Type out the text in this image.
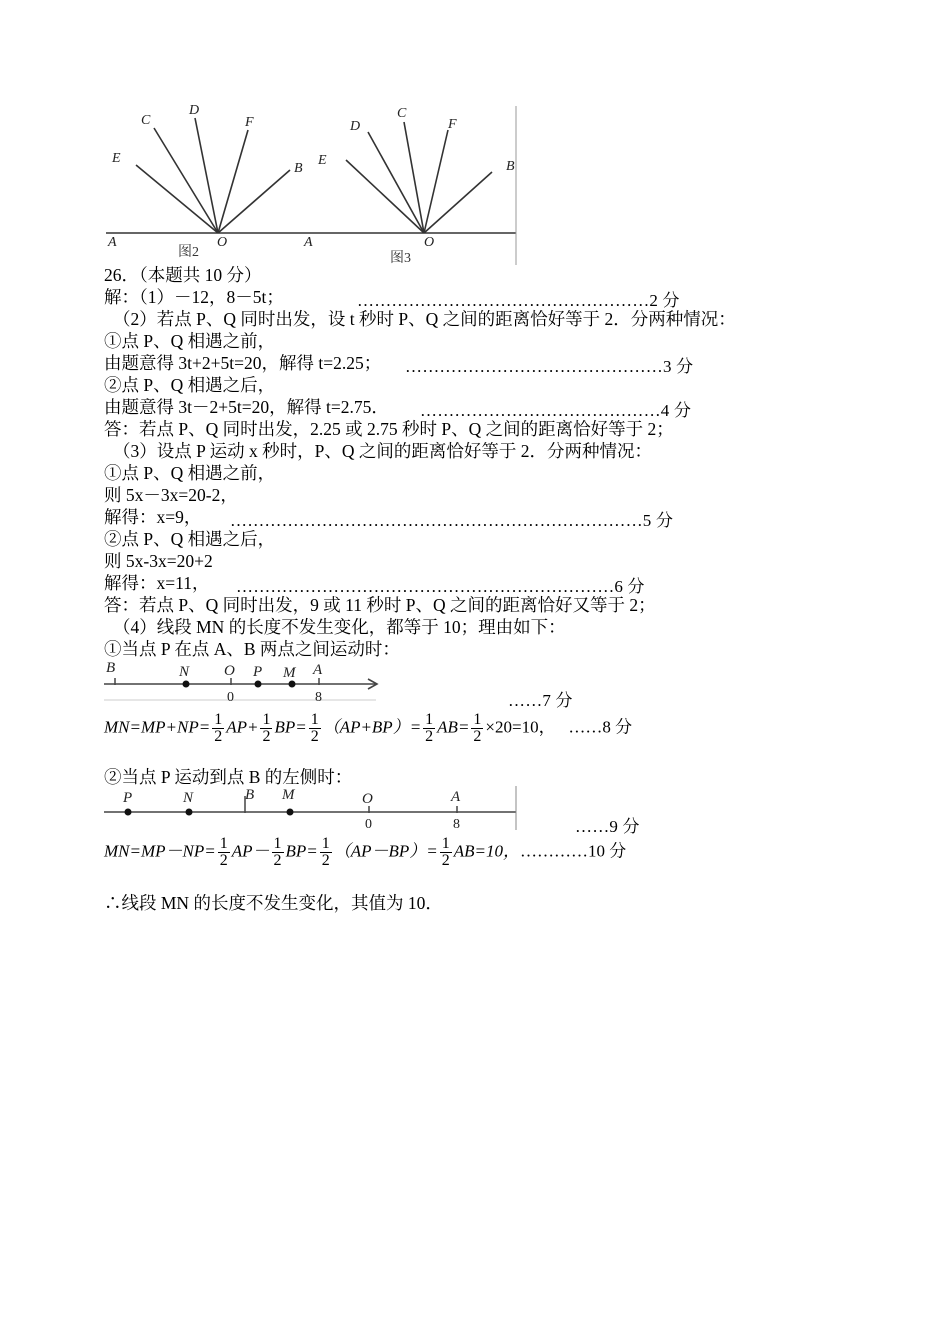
A
B
C
D
E
F
O
图2
A
B
C
D
E
F
O
图3
26．（本题共 10 分）
解：（1）－12，8－5t；	……………………………………………2 分
（2）若点 P、Q 同时出发，设 t 秒时 P、Q 之间的距离恰好等于 2．分两种情况：
①点 P、Q 相遇之前，
由题意得 3t+2+5t=20，解得 t=2.25； ………………………………………3 分
②点 P、Q 相遇之后，
由题意得 3t－2+5t=20，解得 t=2.75． ……………………………………4 分
答：若点 P、Q 同时出发，2.25 或 2.75 秒时 P、Q 之间的距离恰好等于 2；
（3）设点 P 运动 x 秒时，P、Q 之间的距离恰好等于 2．分两种情况：
①点 P、Q 相遇之前，
则 5x－3x=20-2，
解得：x=9， ………………………………………………………………5 分
②点 P、Q 相遇之后，
则 5x-3x=20+2
解得：x=11， …………………………………………………………6 分
答：若点 P、Q 同时出发，9 或 11 秒时 P、Q 之间的距离恰好又等于 2；
（4）线段 MN 的长度不发生变化，都等于 10；理由如下：
①当点 P 在点 A、B 两点之间运动时：
B	N O P M A
0	8	……7 分
$MN=MP+NP= \frac{1}{2} AP+ \frac{1}{2} BP= \frac{1}{2} (AP+BP)= \frac{1}{2} AB= \frac{1}{2} \times 20=10$， ……8 分
②当点 P 运动到点 B 的左侧时：
P	N	B M	O	A
0	8	……9 分
$MN=MP-NP= \frac{1}{2} AP- \frac{1}{2} BP= \frac{1}{2} (AP-BP)= \frac{1}{2} AB=10$，…………10 分
∴线段 MN 的长度不发生变化，其值为 10．
